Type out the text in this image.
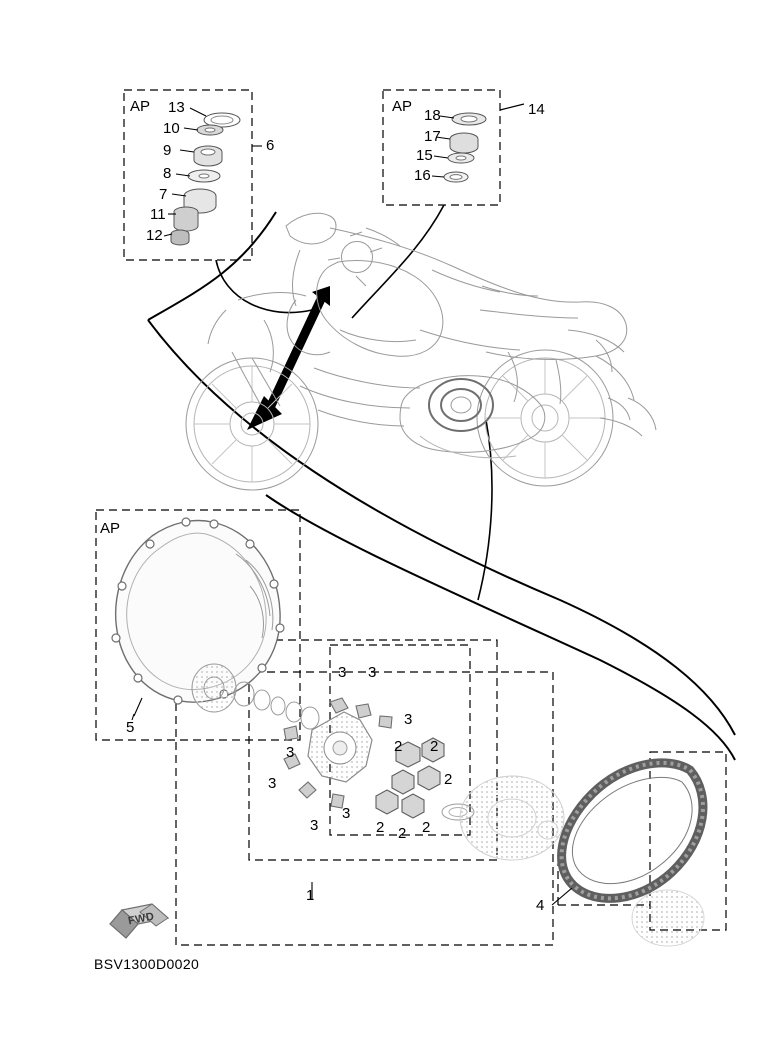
AP	AP
AP
13
10
9
8
7
11
12
6
18
17
15
16
14
5
3 3
3
3
3
3
3
2 2
2
2 2 2
1
4
FWD
BSV1300D0020
